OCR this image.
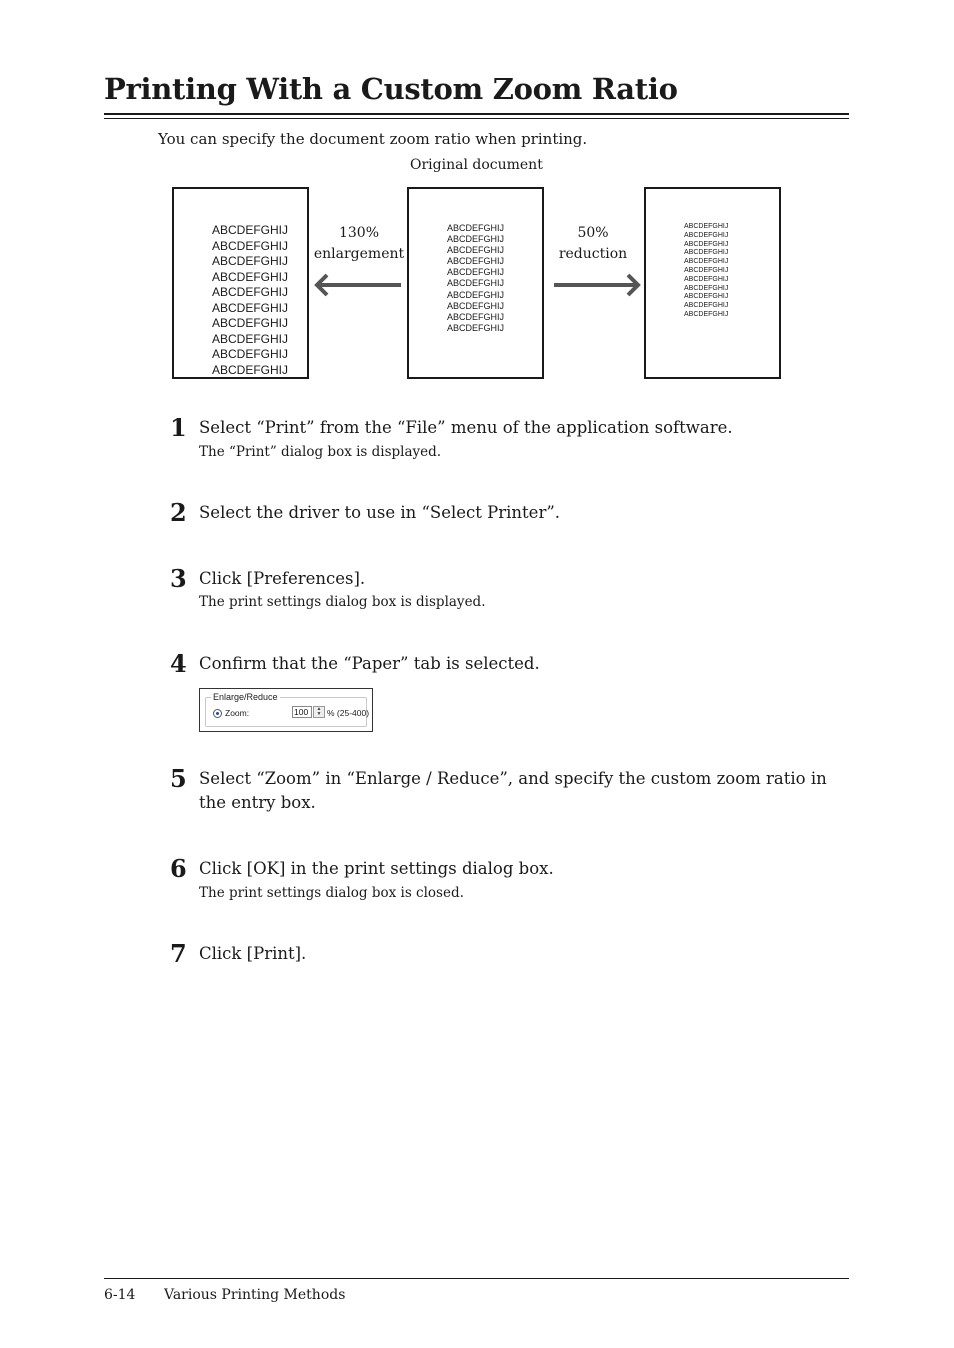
Printing With a Custom Zoom Ratio
You can specify the document zoom ratio when printing.
Original document
ABCDEFGHIJ
ABCDEFGHIJ
ABCDEFGHIJ
ABCDEFGHIJ
ABCDEFGHIJ
ABCDEFGHIJ
ABCDEFGHIJ
ABCDEFGHIJ
ABCDEFGHIJ
ABCDEFGHIJ
130%
enlargement
ABCDEFGHIJ
ABCDEFGHIJ
ABCDEFGHIJ
ABCDEFGHIJ
ABCDEFGHIJ
ABCDEFGHIJ
ABCDEFGHIJ
ABCDEFGHIJ
ABCDEFGHIJ
ABCDEFGHIJ
50%
reduction
ABCDEFGHIJ
ABCDEFGHIJ
ABCDEFGHIJ
ABCDEFGHIJ
ABCDEFGHIJ
ABCDEFGHIJ
ABCDEFGHIJ
ABCDEFGHIJ
ABCDEFGHIJ
ABCDEFGHIJ
ABCDEFGHIJ
1 Select “Print” from the “File” menu of the application software.
The “Print” dialog box is displayed.
2 Select the driver to use in “Select Printer”.
3 Click [Preferences].
The print settings dialog box is displayed.
4 Confirm that the “Paper” tab is selected.
Enlarge/Reduce
Zoom:	100	▲
▼ % (25-400)
5 Select “Zoom” in “Enlarge / Reduce”, and specify the custom zoom ratio in the entry box.
6 Click [OK] in the print settings dialog box.
The print settings dialog box is closed.
7 Click [Print].
6-14 Various Printing Methods
